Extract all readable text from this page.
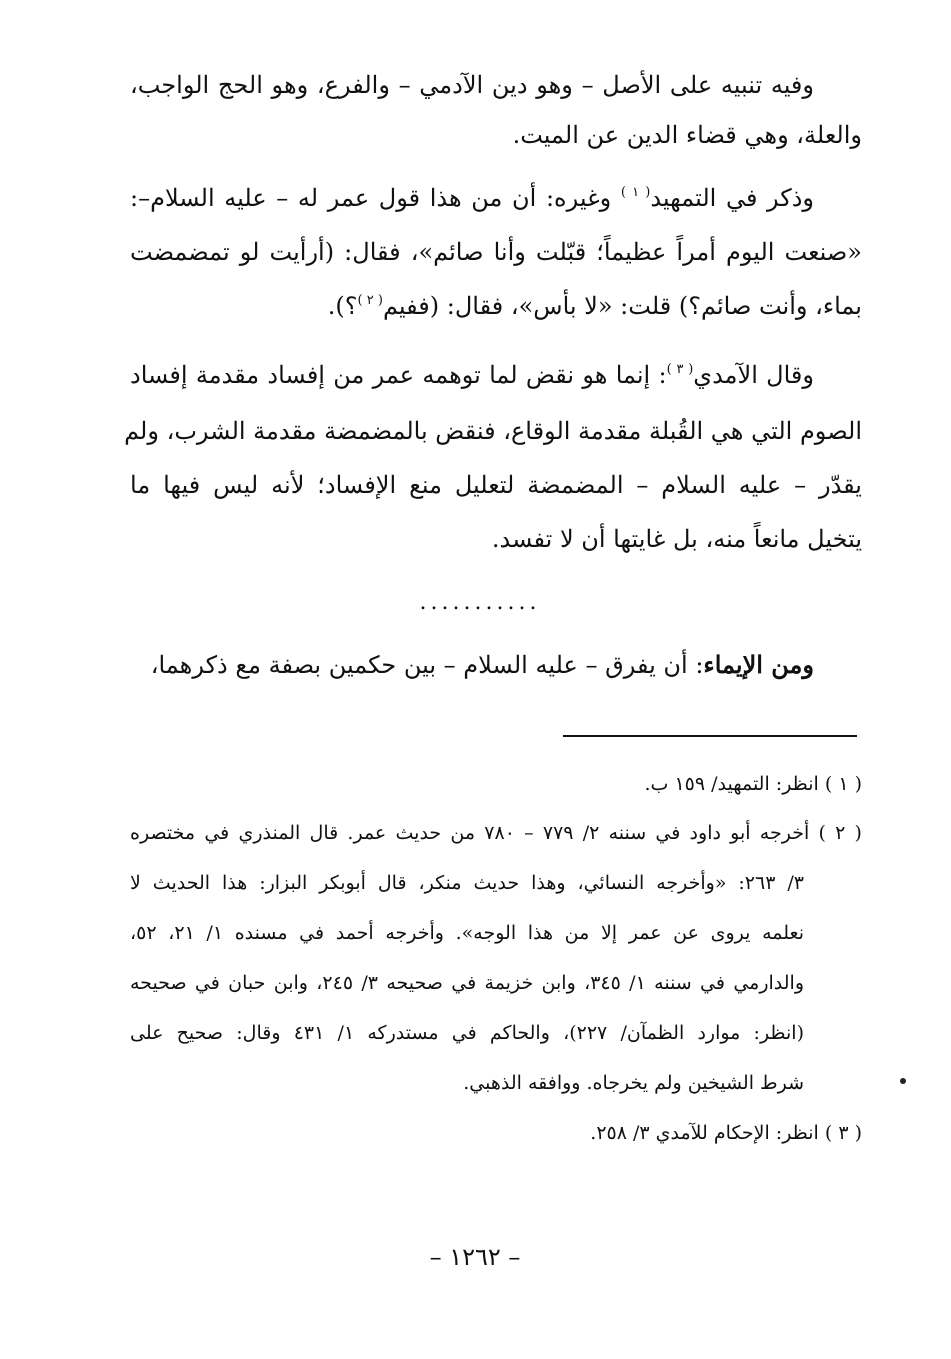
وفيه تنبيه على الأصل – وهو دين الآدمي – والفرع، وهو الحج الواجب،
والعلة، وهي قضاء الدين عن الميت.
وذكر في التمهيد$^{( ١ )}$ وغيره: أن من هذا قول عمر له – عليه السلام–:
«صنعت اليوم أمراً عظيماً؛ قبّلت وأنا صائم»، فقال: (أرأيت لو تمضمضت
بماء، وأنت صائم؟) قلت: «لا بأس»، فقال: (ففيم$^{( ٢ )}$؟).
وقال الآمدي$^{( ٣ )}$: إنما هو نقض لما توهمه عمر من إفساد مقدمة إفساد
الصوم التي هي القُبلة مقدمة الوقاع، فنقض بالمضمضة مقدمة الشرب، ولم
يقدّر – عليه السلام – المضمضة لتعليل منع الإفساد؛ لأنه ليس فيها ما
يتخيل مانعاً منه، بل غايتها أن لا تفسد.
...........
ومن الإيماء: أن يفرق – عليه السلام – بين حكمين بصفة مع ذكرهما،
( ١ ) انظر: التمهيد/ ١٥٩ ب.
( ٢ ) أخرجه أبو داود في سننه ٢/ ٧٧٩ – ٧٨٠ من حديث عمر. قال المنذري في مختصره
٣/ ٢٦٣: «وأخرجه النسائي، وهذا حديث منكر، قال أبوبكر البزار: هذا الحديث لا
نعلمه يروى عن عمر إلا من هذا الوجه». وأخرجه أحمد في مسنده ١/ ٢١، ٥٢،
والدارمي في سننه ١/ ٣٤٥، وابن خزيمة في صحيحه ٣/ ٢٤٥، وابن حبان في صحيحه
(انظر: موارد الظمآن/ ٢٢٧)، والحاكم في مستدركه ١/ ٤٣١ وقال: صحيح على
شرط الشيخين ولم يخرجاه. ووافقه الذهبي.
( ٣ ) انظر: الإحكام للآمدي ٣/ ٢٥٨.
– ١٢٦٢ –
